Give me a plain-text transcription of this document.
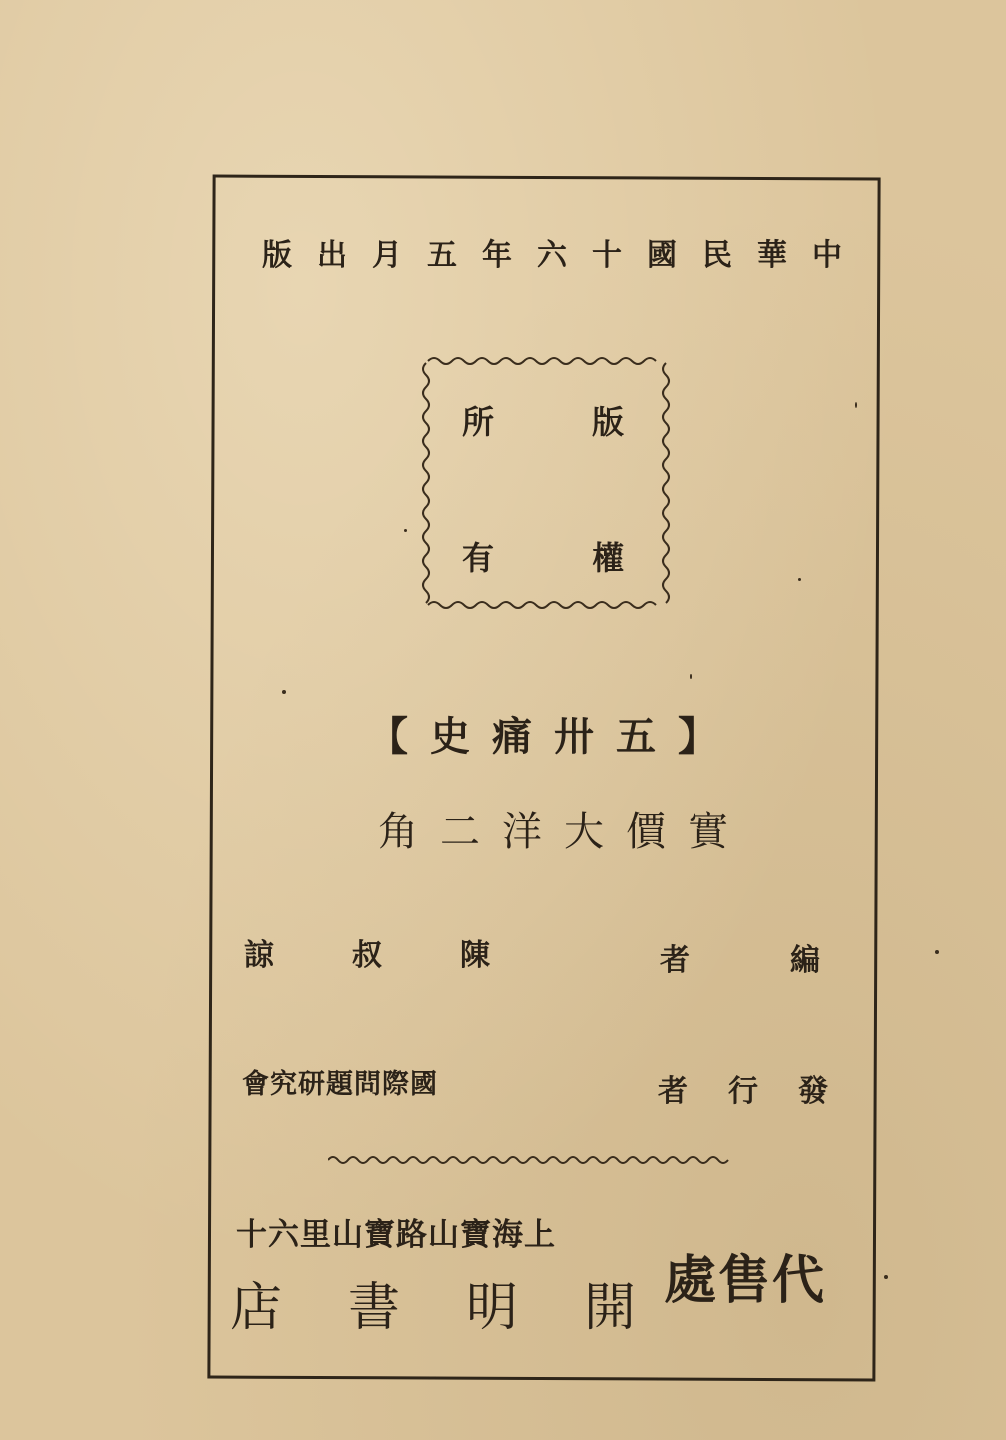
中華民國十六年五月出版
版
權
所
有
【五卅痛史】
實價大洋二角
編者
陳叔諒
發行者
國際問題研究會
上海寶山路寶山里六十
開明書店
代售處
